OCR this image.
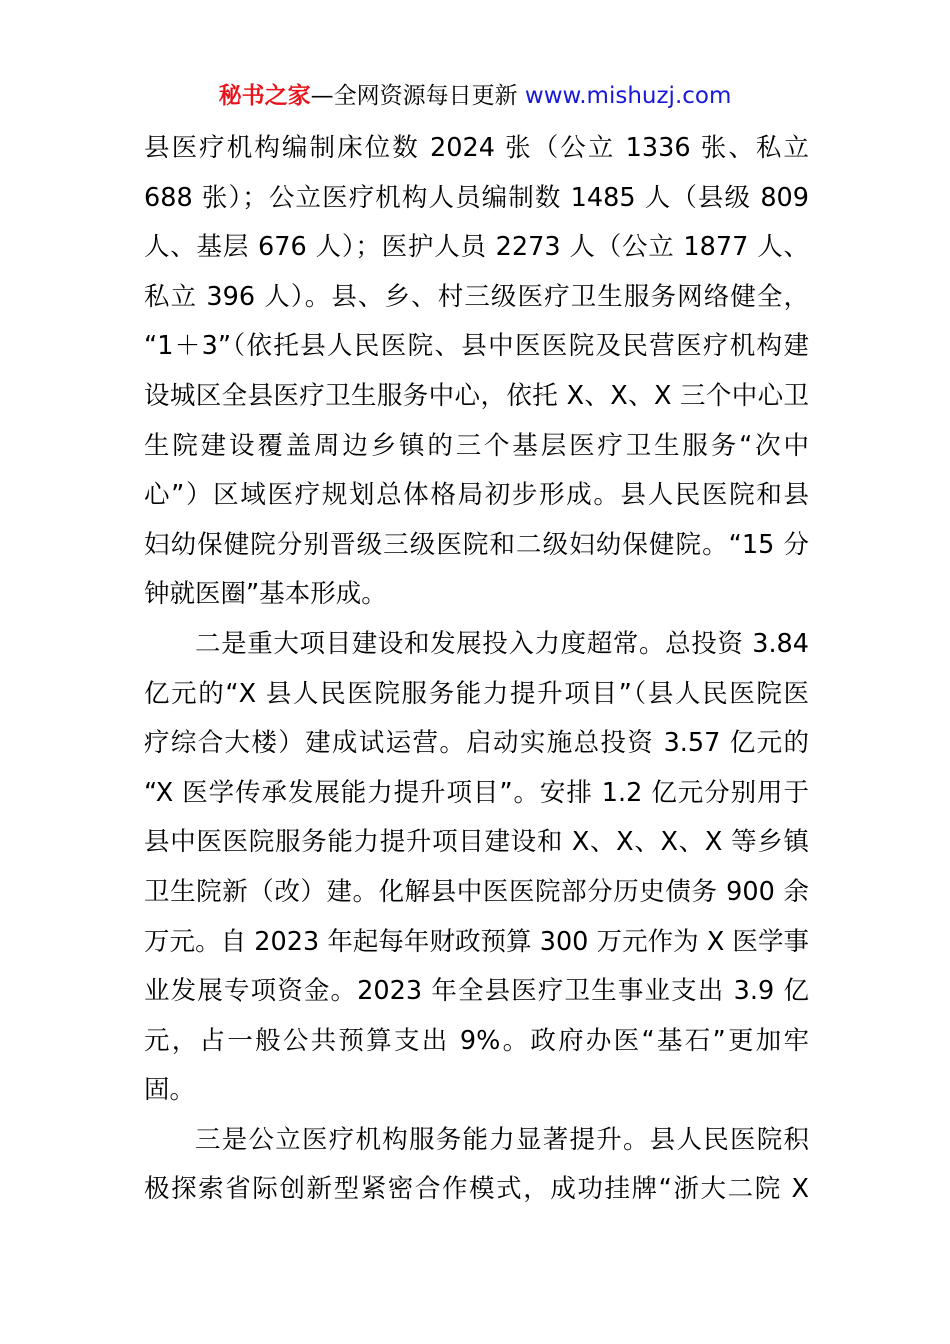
秘书之家—全网资源每日更新 www.mishuzj.com
县医疗机构编制床位数 2024 张（公立 1336 张、私立
688 张）；公立医疗机构人员编制数 1485 人（县级 809
人、基层 676 人）；医护人员 2273 人（公立 1877 人、
私立 396 人）。县、乡、村三级医疗卫生服务网络健全，
“1＋3”（依托县人民医院、县中医医院及民营医疗机构建
设城区全县医疗卫生服务中心，依托 X、X、X 三个中心卫
生院建设覆盖周边乡镇的三个基层医疗卫生服务“次中
心”）区域医疗规划总体格局初步形成。县人民医院和县
妇幼保健院分别晋级三级医院和二级妇幼保健院。“15 分
钟就医圈”基本形成。
二是重大项目建设和发展投入力度超常。总投资 3.84
亿元的“X 县人民医院服务能力提升项目”（县人民医院医
疗综合大楼）建成试运营。启动实施总投资 3.57 亿元的
“X 医学传承发展能力提升项目”。安排 1.2 亿元分别用于
县中医医院服务能力提升项目建设和 X、X、X、X 等乡镇
卫生院新（改）建。化解县中医医院部分历史债务 900 余
万元。自 2023 年起每年财政预算 300 万元作为 X 医学事
业发展专项资金。2023 年全县医疗卫生事业支出 3.9 亿
元，占一般公共预算支出 9%。政府办医“基石”更加牢
固。
三是公立医疗机构服务能力显著提升。县人民医院积
极探索省际创新型紧密合作模式，成功挂牌“浙大二院 X
